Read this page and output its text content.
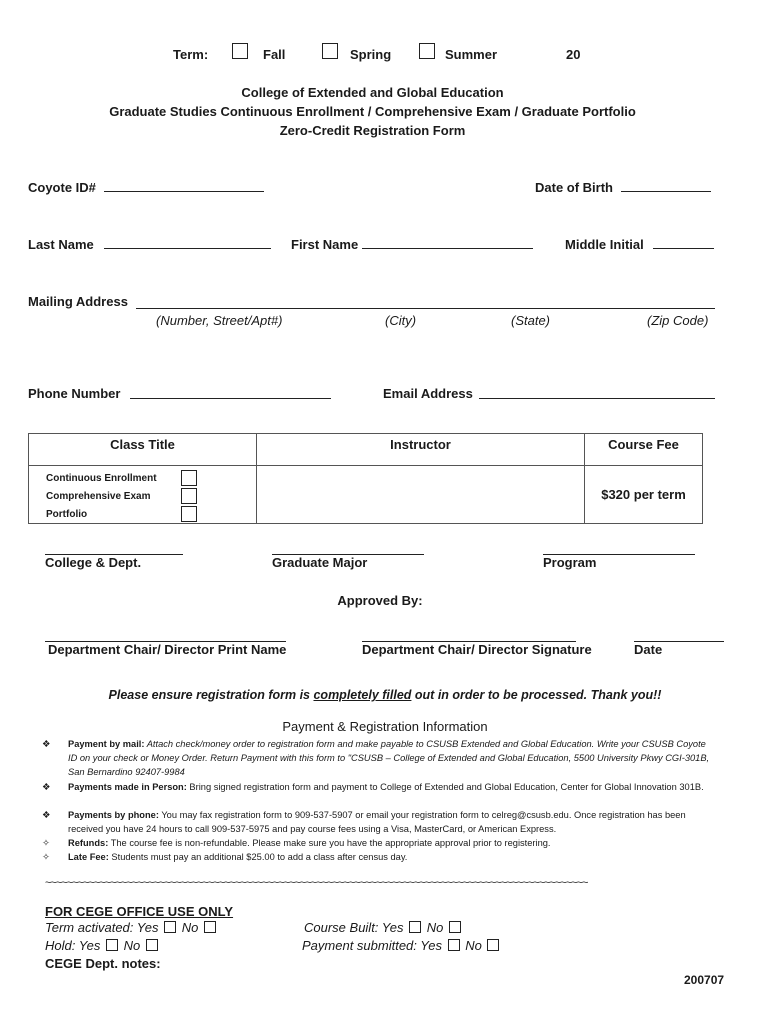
Term:	Fall	Spring	Summer	20
College of Extended and Global Education
Graduate Studies Continuous Enrollment / Comprehensive Exam / Graduate Portfolio
Zero-Credit Registration Form
Coyote ID#	Date of Birth
Last Name	First Name	Middle Initial
Mailing Address
(Number, Street/Apt#)	(City)	(State)	(Zip Code)
Phone Number	Email Address
Class Title	Instructor	Course Fee

Continuous Enrollment
Comprehensive Exam
Portfolio		$320 per term
College & Dept.	Graduate Major	Program
Approved By:
Department Chair/ Director Print Name	Department Chair/ Director Signature	Date
Please ensure registration form is completely filled out in order to be processed. Thank you!!
Payment & Registration Information
❖ Payment by mail: Attach check/money order to registration form and make payable to CSUSB Extended and Global Education. Write your CSUSB Coyote ID on your check or Money Order. Return Payment with this form to "CSUSB – College of Extended and Global Education, 5500 University Pkwy CGI-301B, San Bernardino 92407-9984
❖ Payments made in Person: Bring signed registration form and payment to College of Extended and Global Education, Center for Global Innovation 301B.
❖ Payments by phone: You may fax registration form to 909-537-5907 or email your registration form to celreg@csusb.edu. Once registration has been received you have 24 hours to call 909-537-5975 and pay course fees using a Visa, MasterCard, or American Express.
✧ Refunds: The course fee is non-refundable. Please make sure you have the appropriate approval prior to registering.
✧ Late Fee: Students must pay an additional $25.00 to add a class after census day.
~~~~~~~~~~~~~~~~~~~~~~~~~~~~~~~~~~~~~~~~~~~~~~~~~~~~~~~~~~~~~~~~~~~~~~~~~~~~~~~~~~~~~~~~~~~~~~~~~~~~
FOR CEGE OFFICE USE ONLY
Term activated: Yes No	Course Built: Yes No
Hold: Yes No	Payment submitted: Yes No
CEGE Dept. notes:
200707
